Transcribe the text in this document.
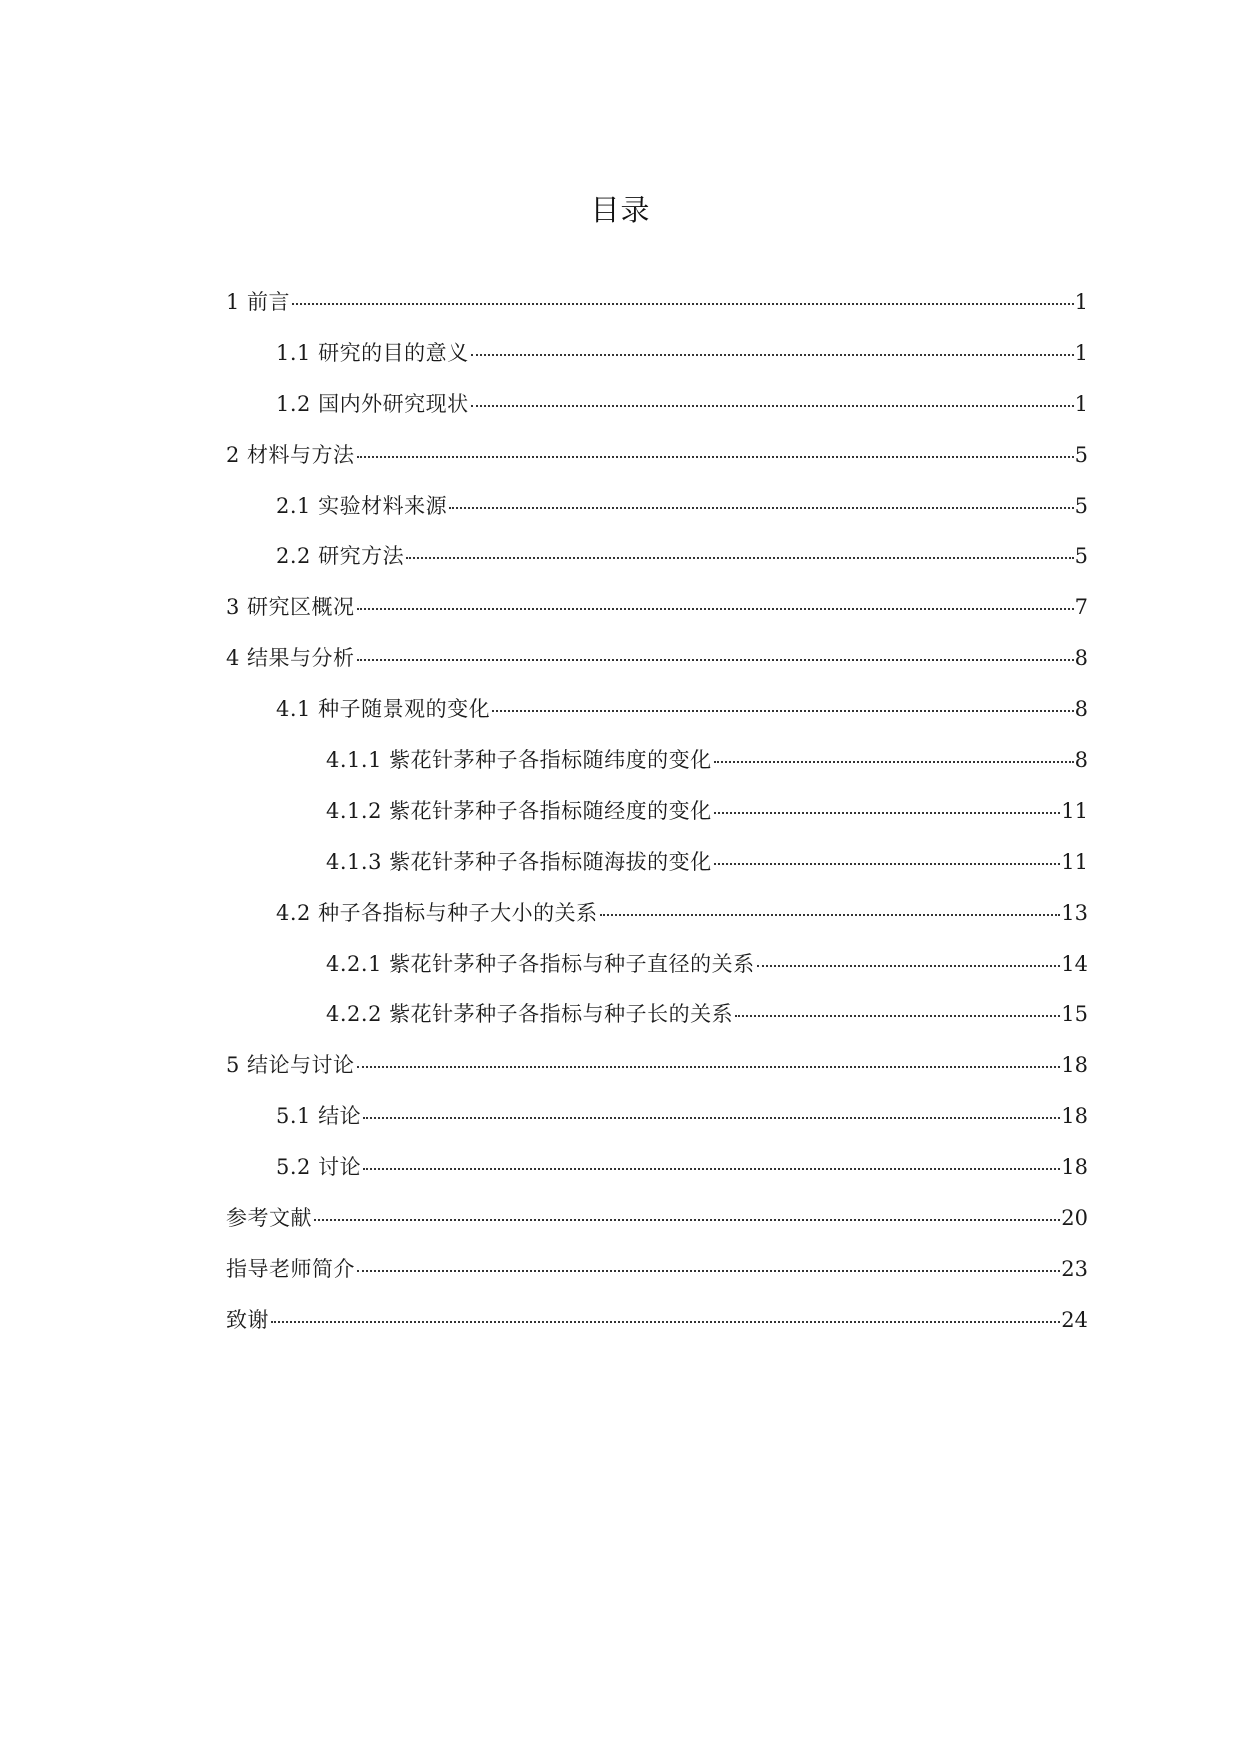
目录
1 前言	1
1.1 研究的目的意义	1
1.2 国内外研究现状	1
2 材料与方法	5
2.1 实验材料来源	5
2.2 研究方法	5
3 研究区概况	7
4 结果与分析	8
4.1 种子随景观的变化	8
4.1.1 紫花针茅种子各指标随纬度的变化	8
4.1.2 紫花针茅种子各指标随经度的变化	11
4.1.3 紫花针茅种子各指标随海拔的变化	11
4.2 种子各指标与种子大小的关系	13
4.2.1 紫花针茅种子各指标与种子直径的关系	14
4.2.2 紫花针茅种子各指标与种子长的关系	15
5 结论与讨论	18
5.1 结论	18
5.2 讨论	18
参考文献	20
指导老师简介	23
致谢	24
